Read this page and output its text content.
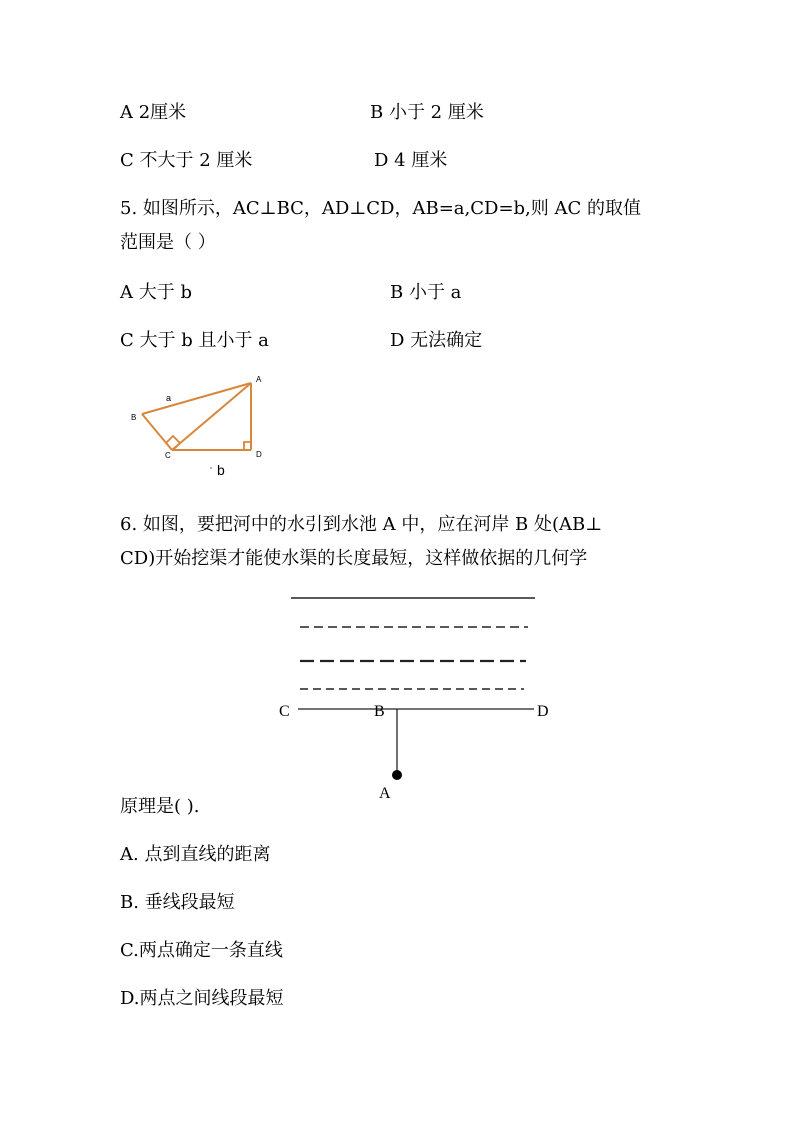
A 2厘米	B 小于 2 厘米
C 不大于 2 厘米	D 4 厘米
5. 如图所示，AC⊥BC，AD⊥CD，AB=a,CD=b,则 AC 的取值
范围是（ ）
A 大于 b	B 小于 a
C 大于 b 且小于 a	D 无法确定
A
B
C	D
a
b
6. 如图，要把河中的水引到水池 A 中，应在河岸 B 处(AB⊥
CD)开始挖渠才能使水渠的长度最短，这样做依据的几何学
C	B	D
A
原理是( ).
A. 点到直线的距离
B. 垂线段最短
C.两点确定一条直线
D.两点之间线段最短
